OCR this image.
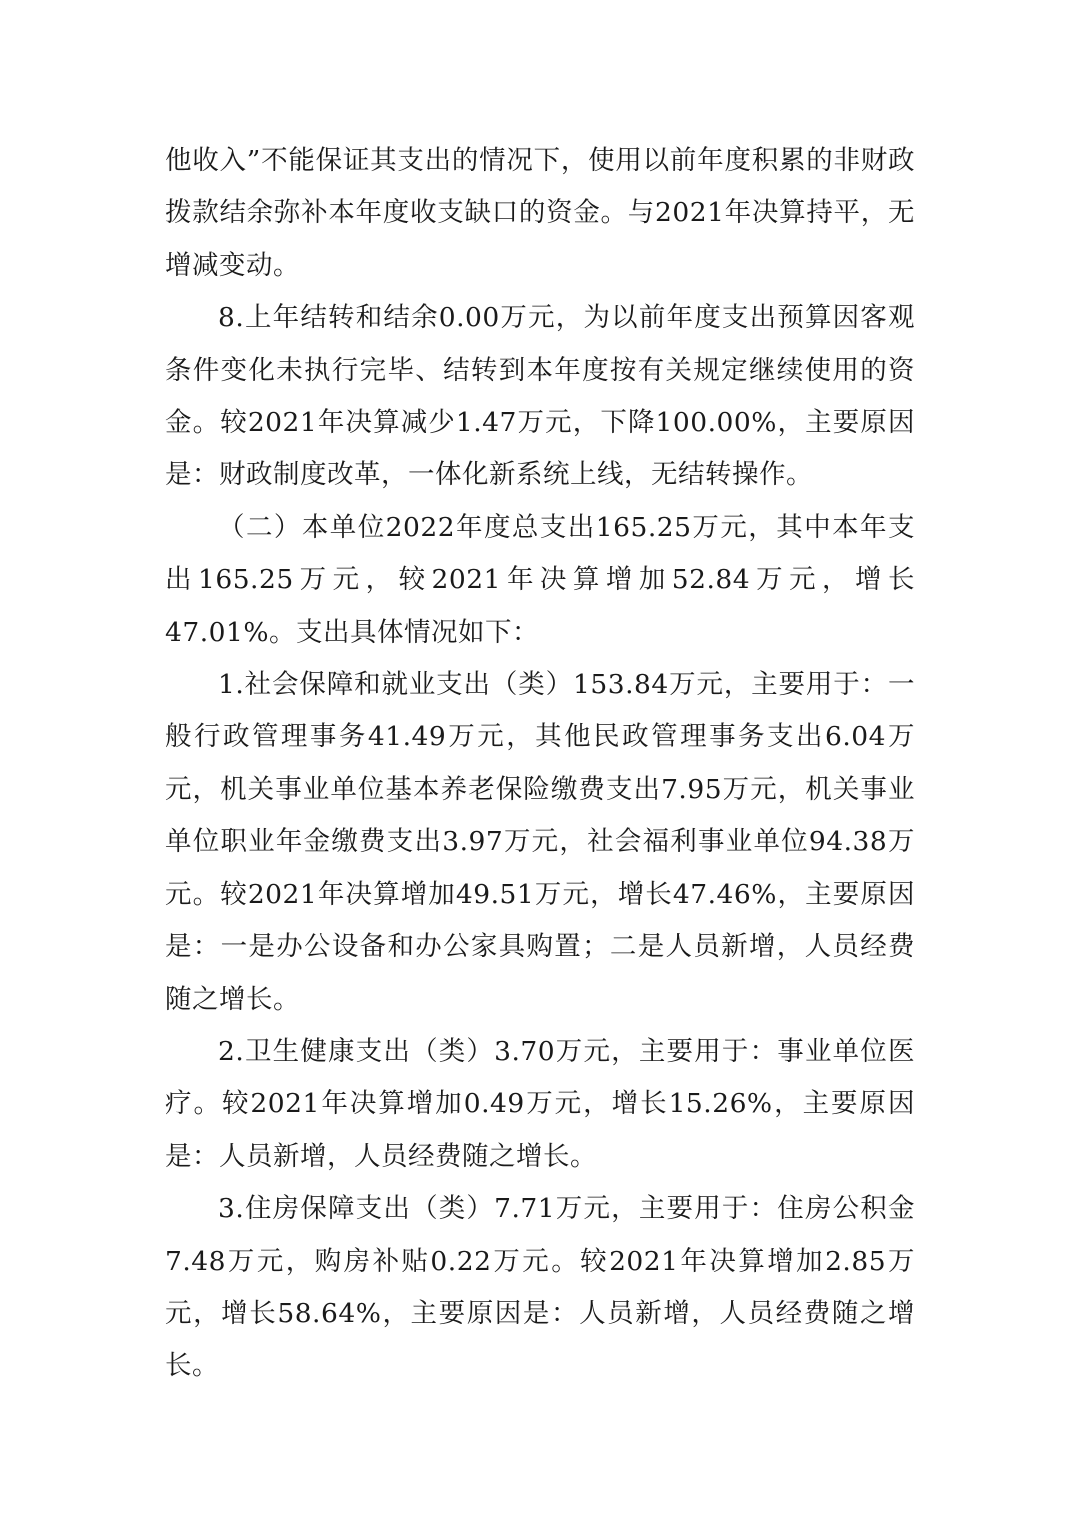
他收入”不能保证其支出的情况下，使用以前年度积累的非财政拨款结余弥补本年度收支缺口的资金。与2021年决算持平，无增减变动。

8.上年结转和结余0.00万元，为以前年度支出预算因客观条件变化未执行完毕、结转到本年度按有关规定继续使用的资金。较2021年决算减少1.47万元，下降100.00%，主要原因是：财政制度改革，一体化新系统上线，无结转操作。

（二）本单位2022年度总支出165.25万元，其中本年支出165.25万元，较2021年决算增加52.84万元，增长47.01%。支出具体情况如下：

1.社会保障和就业支出（类）153.84万元，主要用于：一般行政管理事务41.49万元，其他民政管理事务支出6.04万元，机关事业单位基本养老保险缴费支出7.95万元，机关事业单位职业年金缴费支出3.97万元，社会福利事业单位94.38万元。较2021年决算增加49.51万元，增长47.46%，主要原因是：一是办公设备和办公家具购置；二是人员新增，人员经费随之增长。

2.卫生健康支出（类）3.70万元，主要用于：事业单位医疗。较2021年决算增加0.49万元，增长15.26%，主要原因是：人员新增，人员经费随之增长。

3.住房保障支出（类）7.71万元，主要用于：住房公积金7.48万元，购房补贴0.22万元。较2021年决算增加2.85万元，增长58.64%，主要原因是：人员新增，人员经费随之增长。
